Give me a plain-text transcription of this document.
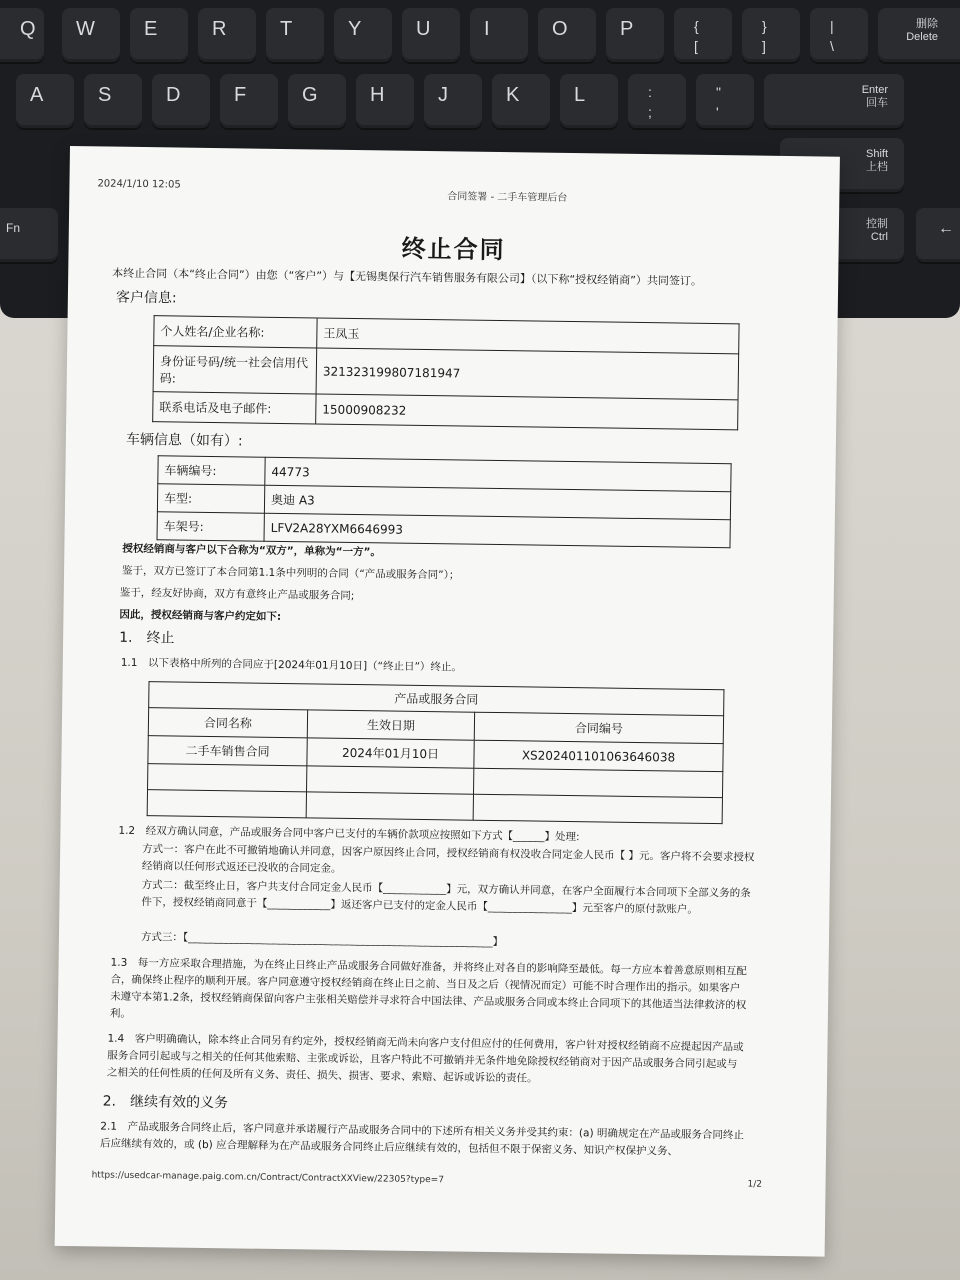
Q W E	R	T	Y	U	I	O	P	{
[
}
]
|
\
删除
Delete
A	S	D	F	G	H	J	K	L	:
;
"
'
Enter
回车
Shift
上档
Fn	控制
Ctrl	←
2024/1/10 12:05
合同签署 - 二手车管理后台
终止合同
本终止合同（本“终止合同”）由您（“客户”）与【无锡奥保行汽车销售服务有限公司】（以下称“授权经销商”）共同签订。
客户信息:
个人姓名/企业名称:	王凤玉
身份证号码/统一社会信用代码:	321323199807181947
联系电话及电子邮件:	15000908232
车辆信息（如有）:
车辆编号:	44773
车型:	奥迪 A3
车架号:	LFV2A28YXM6646993
授权经销商与客户以下合称为“双方”，单称为“一方”。
鉴于，双方已签订了本合同第1.1条中列明的合同（“产品或服务合同”）；
鉴于，经友好协商，双方有意终止产品或服务合同;
因此，授权经销商与客户约定如下:
1.　终止
1.1　以下表格中所列的合同应于[2024年01月10日]（“终止日”）终止。
产品或服务合同		
合同名称	生效日期	合同编号
二手车销售合同	2024年01月10日	XS202401101063646038

1.2　经双方确认同意，产品或服务合同中客户已支付的车辆价款项应按照如下方式【______】处理:
方式一：客户在此不可撤销地确认并同意，因客户原因终止合同，授权经销商有权没收合同定金人民币【 】元。客户将不会要求授权经销商以任何形式返还已没收的合同定金。
方式二：截至终止日，客户共支付合同定金人民币【____________】元，双方确认并同意，在客户全面履行本合同项下全部义务的条件下，授权经销商同意于【____________】返还客户已支付的定金人民币【________________】元至客户的原付款账户。
方式三：【__________________________________________________________】
1.3　每一方应采取合理措施，为在终止日终止产品或服务合同做好准备，并将终止对各自的影响降至最低。每一方应本着善意原则相互配合，确保终止程序的顺利开展。客户同意遵守授权经销商在终止日之前、当日及之后（视情况而定）可能不时合理作出的指示。如果客户未遵守本第1.2条，授权经销商保留向客户主张相关赔偿并寻求符合中国法律、产品或服务合同或本终止合同项下的其他适当法律救济的权利。
1.4　客户明确确认，除本终止合同另有约定外，授权经销商无尚未向客户支付但应付的任何费用，客户针对授权经销商不应提起因产品或服务合同引起或与之相关的任何其他索赔、主张或诉讼，且客户特此不可撤销并无条件地免除授权经销商对于因产品或服务合同引起或与之相关的任何性质的任何及所有义务、责任、损失、损害、要求、索赔、起诉或诉讼的责任。
2.　继续有效的义务
2.1　产品或服务合同终止后，客户同意并承诺履行产品或服务合同中的下述所有相关义务并受其约束：(a) 明确规定在产品或服务合同终止后应继续有效的，或 (b) 应合理解释为在产品或服务合同终止后应继续有效的，包括但不限于保密义务、知识产权保护义务、
https://usedcar-manage.paig.com.cn/Contract/ContractXXView/22305?type=7	1/2
